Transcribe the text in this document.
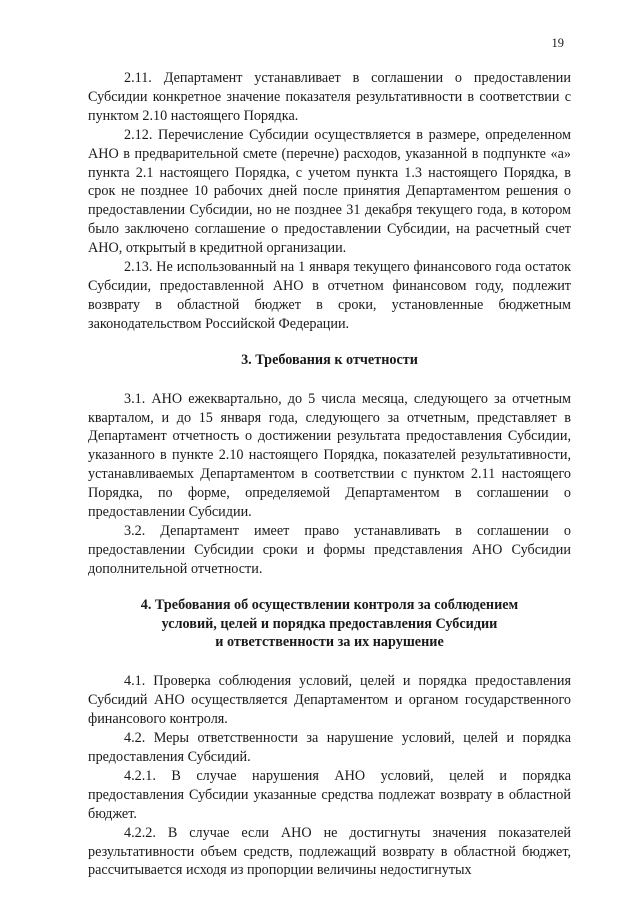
19

2.11. Департамент устанавливает в соглашении о предоставлении Субсидии конкретное значение показателя результативности в соответствии с пунктом 2.10 настоящего Порядка.

2.12. Перечисление Субсидии осуществляется в размере, определенном АНО в предварительной смете (перечне) расходов, указанной в подпункте «а» пункта 2.1 настоящего Порядка, с учетом пункта 1.3 настоящего Порядка, в срок не позднее 10 рабочих дней после принятия Департаментом решения о предоставлении Субсидии, но не позднее 31 декабря текущего года, в котором было заключено соглашение о предоставлении Субсидии, на расчетный счет АНО, открытый в кредитной организации.

2.13. Не использованный на 1 января текущего финансового года остаток Субсидии, предоставленной АНО в отчетном финансовом году, подлежит возврату в областной бюджет в сроки, установленные бюджетным законодательством Российской Федерации.

3. Требования к отчетности

3.1. АНО ежеквартально, до 5 числа месяца, следующего за отчетным кварталом, и до 15 января года, следующего за отчетным, представляет в Департамент отчетность о достижении результата предоставления Субсидии, указанного в пункте 2.10 настоящего Порядка, показателей результативности, устанавливаемых Департаментом в соответствии с пунктом 2.11 настоящего Порядка, по форме, определяемой Департаментом в соглашении о предоставлении Субсидии.

3.2. Департамент имеет право устанавливать в соглашении о предоставлении Субсидии сроки и формы представления АНО Субсидии дополнительной отчетности.

4. Требования об осуществлении контроля за соблюдением
условий, целей и порядка предоставления Субсидии
и ответственности за их нарушение

4.1. Проверка соблюдения условий, целей и порядка предоставления Субсидий АНО осуществляется Департаментом и органом государственного финансового контроля.

4.2. Меры ответственности за нарушение условий, целей и порядка предоставления Субсидий.

4.2.1. В случае нарушения АНО условий, целей и порядка предоставления Субсидии указанные средства подлежат возврату в областной бюджет.

4.2.2. В случае если АНО не достигнуты значения показателей результативности объем средств, подлежащий возврату в областной бюджет, рассчитывается исходя из пропорции величины недостигнутых
